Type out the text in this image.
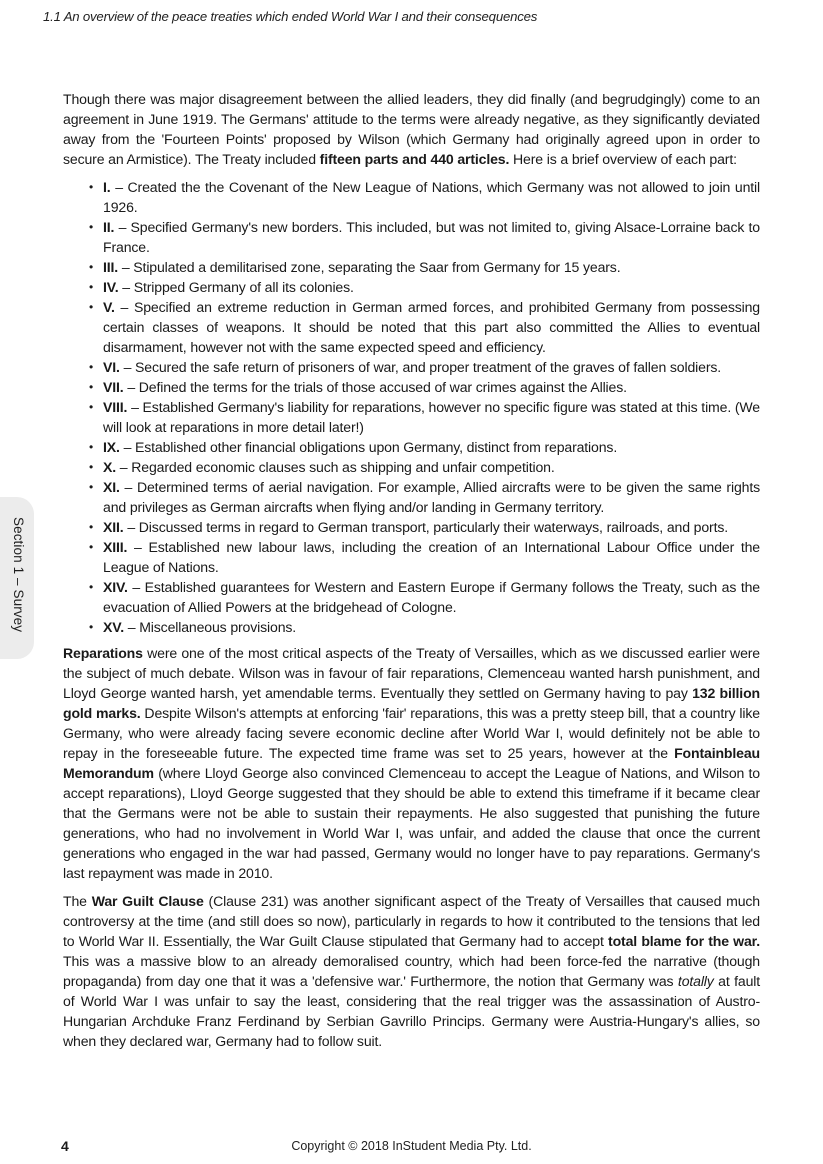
1.1 An overview of the peace treaties which ended World War I and their consequences
Section 1 – Survey

Though there was major disagreement between the allied leaders, they did finally (and begrudgingly) come to an agreement in June 1919. The Germans' attitude to the terms were already negative, as they significantly deviated away from the 'Fourteen Points' proposed by Wilson (which Germany had originally agreed upon in order to secure an Armistice). The Treaty included fifteen parts and 440 articles. Here is a brief overview of each part:

• I. – Created the the Covenant of the New League of Nations, which Germany was not allowed to join until 1926.
• II. – Specified Germany's new borders. This included, but was not limited to, giving Alsace-Lorraine back to France.
• III. – Stipulated a demilitarised zone, separating the Saar from Germany for 15 years.
• IV. – Stripped Germany of all its colonies.
• V. – Specified an extreme reduction in German armed forces, and prohibited Germany from possessing certain classes of weapons. It should be noted that this part also committed the Allies to eventual disarmament, however not with the same expected speed and efficiency.
• VI. – Secured the safe return of prisoners of war, and proper treatment of the graves of fallen soldiers.
• VII. – Defined the terms for the trials of those accused of war crimes against the Allies.
• VIII. – Established Germany's liability for reparations, however no specific figure was stated at this time. (We will look at reparations in more detail later!)
• IX. – Established other financial obligations upon Germany, distinct from reparations.
• X. – Regarded economic clauses such as shipping and unfair competition.
• XI. – Determined terms of aerial navigation. For example, Allied aircrafts were to be given the same rights and privileges as German aircrafts when flying and/or landing in Germany territory.
• XII. – Discussed terms in regard to German transport, particularly their waterways, railroads, and ports.
• XIII. – Established new labour laws, including the creation of an International Labour Office under the League of Nations.
• XIV. – Established guarantees for Western and Eastern Europe if Germany follows the Treaty, such as the evacuation of Allied Powers at the bridgehead of Cologne.
• XV. – Miscellaneous provisions.

Reparations were one of the most critical aspects of the Treaty of Versailles, which as we discussed earlier were the subject of much debate. Wilson was in favour of fair reparations, Clemenceau wanted harsh punishment, and Lloyd George wanted harsh, yet amendable terms. Eventually they settled on Germany having to pay 132 billion gold marks. Despite Wilson's attempts at enforcing 'fair' reparations, this was a pretty steep bill, that a country like Germany, who were already facing severe economic decline after World War I, would definitely not be able to repay in the foreseeable future. The expected time frame was set to 25 years, however at the Fontainbleau Memorandum (where Lloyd George also convinced Clemenceau to accept the League of Nations, and Wilson to accept reparations), Lloyd George suggested that they should be able to extend this timeframe if it became clear that the Germans were not be able to sustain their repayments. He also suggested that punishing the future generations, who had no involvement in World War I, was unfair, and added the clause that once the current generations who engaged in the war had passed, Germany would no longer have to pay reparations. Germany's last repayment was made in 2010.

The War Guilt Clause (Clause 231) was another significant aspect of the Treaty of Versailles that caused much controversy at the time (and still does so now), particularly in regards to how it contributed to the tensions that led to World War II. Essentially, the War Guilt Clause stipulated that Germany had to accept total blame for the war. This was a massive blow to an already demoralised country, which had been force-fed the narrative (though propaganda) from day one that it was a 'defensive war.' Furthermore, the notion that Germany was totally at fault of World War I was unfair to say the least, considering that the real trigger was the assassination of Austro-Hungarian Archduke Franz Ferdinand by Serbian Gavrillo Princips. Germany were Austria-Hungary's allies, so when they declared war, Germany had to follow suit.

4	Copyright © 2018 InStudent Media Pty. Ltd.
